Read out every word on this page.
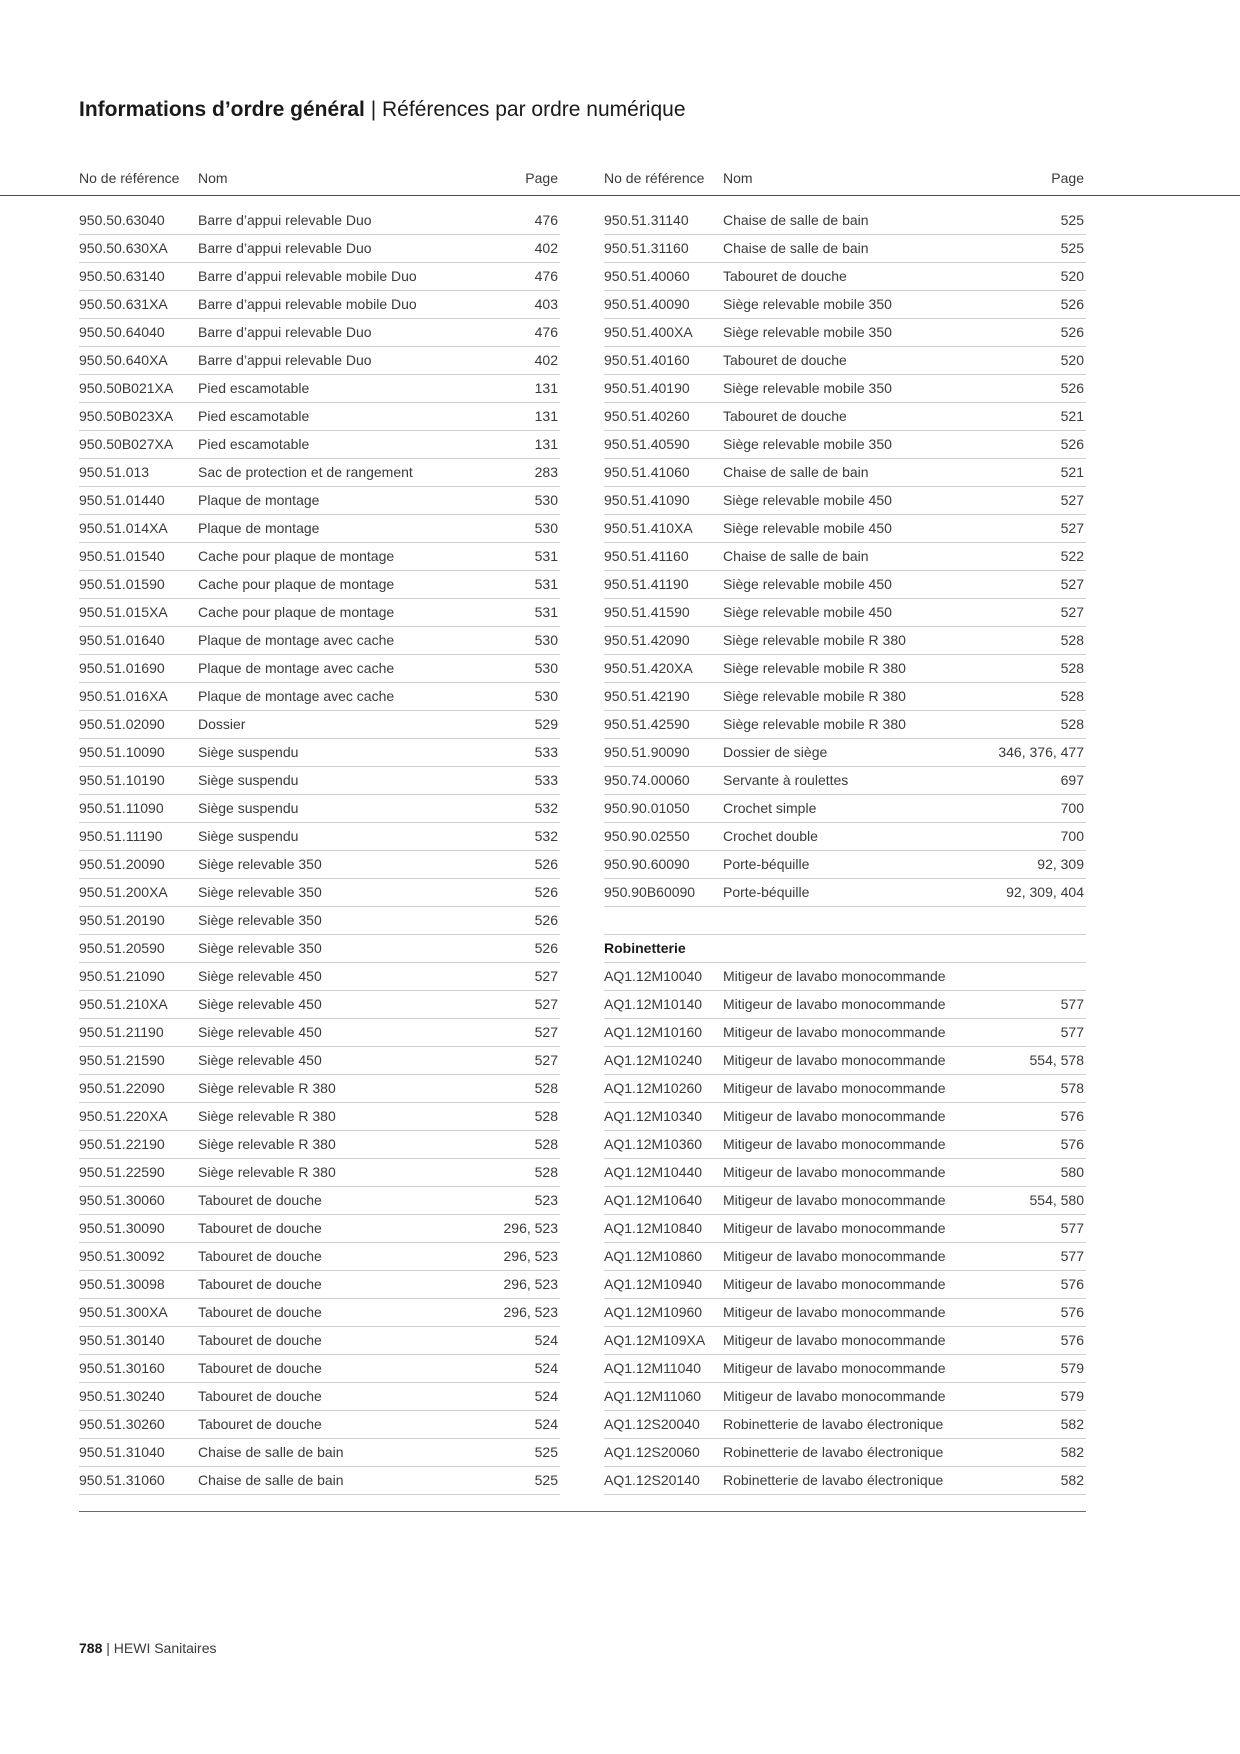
Informations d’ordre général | Références par ordre numérique
No de référence Nom	Page	No de référence Nom	Page
950.50.63040 Barre d’appui relevable Duo	476
950.50.630XA Barre d’appui relevable Duo	402
950.50.63140 Barre d’appui relevable mobile Duo	476
950.50.631XA Barre d’appui relevable mobile Duo	403
950.50.64040 Barre d’appui relevable Duo	476
950.50.640XA Barre d’appui relevable Duo	402
950.50B021XA Pied escamotable	131
950.50B023XA Pied escamotable	131
950.50B027XA Pied escamotable	131
950.51.013	Sac de protection et de rangement	283
950.51.01440 Plaque de montage	530
950.51.014XA Plaque de montage	530
950.51.01540 Cache pour plaque de montage	531
950.51.01590 Cache pour plaque de montage	531
950.51.015XA Cache pour plaque de montage	531
950.51.01640 Plaque de montage avec cache	530
950.51.01690 Plaque de montage avec cache	530
950.51.016XA Plaque de montage avec cache	530
950.51.02090 Dossier	529
950.51.10090 Siège suspendu	533
950.51.10190 Siège suspendu	533
950.51.11090 Siège suspendu	532
950.51.11190	Siège suspendu	532
950.51.20090 Siège relevable 350	526
950.51.200XA Siège relevable 350	526
950.51.20190 Siège relevable 350	526
950.51.20590 Siège relevable 350	526
950.51.21090 Siège relevable 450	527
950.51.210XA Siège relevable 450	527
950.51.21190 Siège relevable 450	527
950.51.21590 Siège relevable 450	527
950.51.22090 Siège relevable R 380	528
950.51.220XA Siège relevable R 380	528
950.51.22190 Siège relevable R 380	528
950.51.22590 Siège relevable R 380	528
950.51.30060 Tabouret de douche	523
950.51.30090 Tabouret de douche	296, 523
950.51.30092 Tabouret de douche	296, 523
950.51.30098 Tabouret de douche	296, 523
950.51.300XA Tabouret de douche	296, 523
950.51.30140 Tabouret de douche	524
950.51.30160 Tabouret de douche	524
950.51.30240 Tabouret de douche	524
950.51.30260 Tabouret de douche	524
950.51.31040 Chaise de salle de bain	525
950.51.31060 Chaise de salle de bain	525
950.51.31140 Chaise de salle de bain	525
950.51.31160 Chaise de salle de bain	525
950.51.40060 Tabouret de douche	520
950.51.40090 Siège relevable mobile 350	526
950.51.400XA Siège relevable mobile 350	526
950.51.40160 Tabouret de douche	520
950.51.40190 Siège relevable mobile 350	526
950.51.40260 Tabouret de douche	521
950.51.40590 Siège relevable mobile 350	526
950.51.41060 Chaise de salle de bain	521
950.51.41090 Siège relevable mobile 450	527
950.51.410XA Siège relevable mobile 450	527
950.51.41160 Chaise de salle de bain	522
950.51.41190 Siège relevable mobile 450	527
950.51.41590 Siège relevable mobile 450	527
950.51.42090 Siège relevable mobile R 380	528
950.51.420XA Siège relevable mobile R 380	528
950.51.42190 Siège relevable mobile R 380	528
950.51.42590 Siège relevable mobile R 380	528
950.51.90090 Dossier de siège	346, 376, 477
950.74.00060 Servante à roulettes	697
950.90.01050 Crochet simple	700
950.90.02550 Crochet double	700
950.90.60090 Porte-béquille	92, 309
950.90B60090 Porte-béquille	92, 309, 404
Robinetterie
AQ1.12M10040 Mitigeur de lavabo monocommande
AQ1.12M10140 Mitigeur de lavabo monocommande	577
AQ1.12M10160 Mitigeur de lavabo monocommande	577
AQ1.12M10240 Mitigeur de lavabo monocommande	554, 578
AQ1.12M10260 Mitigeur de lavabo monocommande	578
AQ1.12M10340 Mitigeur de lavabo monocommande	576
AQ1.12M10360 Mitigeur de lavabo monocommande	576
AQ1.12M10440 Mitigeur de lavabo monocommande	580
AQ1.12M10640 Mitigeur de lavabo monocommande	554, 580
AQ1.12M10840 Mitigeur de lavabo monocommande	577
AQ1.12M10860 Mitigeur de lavabo monocommande	577
AQ1.12M10940 Mitigeur de lavabo monocommande	576
AQ1.12M10960 Mitigeur de lavabo monocommande	576
AQ1.12M109XA Mitigeur de lavabo monocommande	576
AQ1.12M11040 Mitigeur de lavabo monocommande	579
AQ1.12M11060 Mitigeur de lavabo monocommande	579
AQ1.12S20040 Robinetterie de lavabo électronique	582
AQ1.12S20060 Robinetterie de lavabo électronique	582
AQ1.12S20140 Robinetterie de lavabo électronique	582
788 | HEWI Sanitaires
